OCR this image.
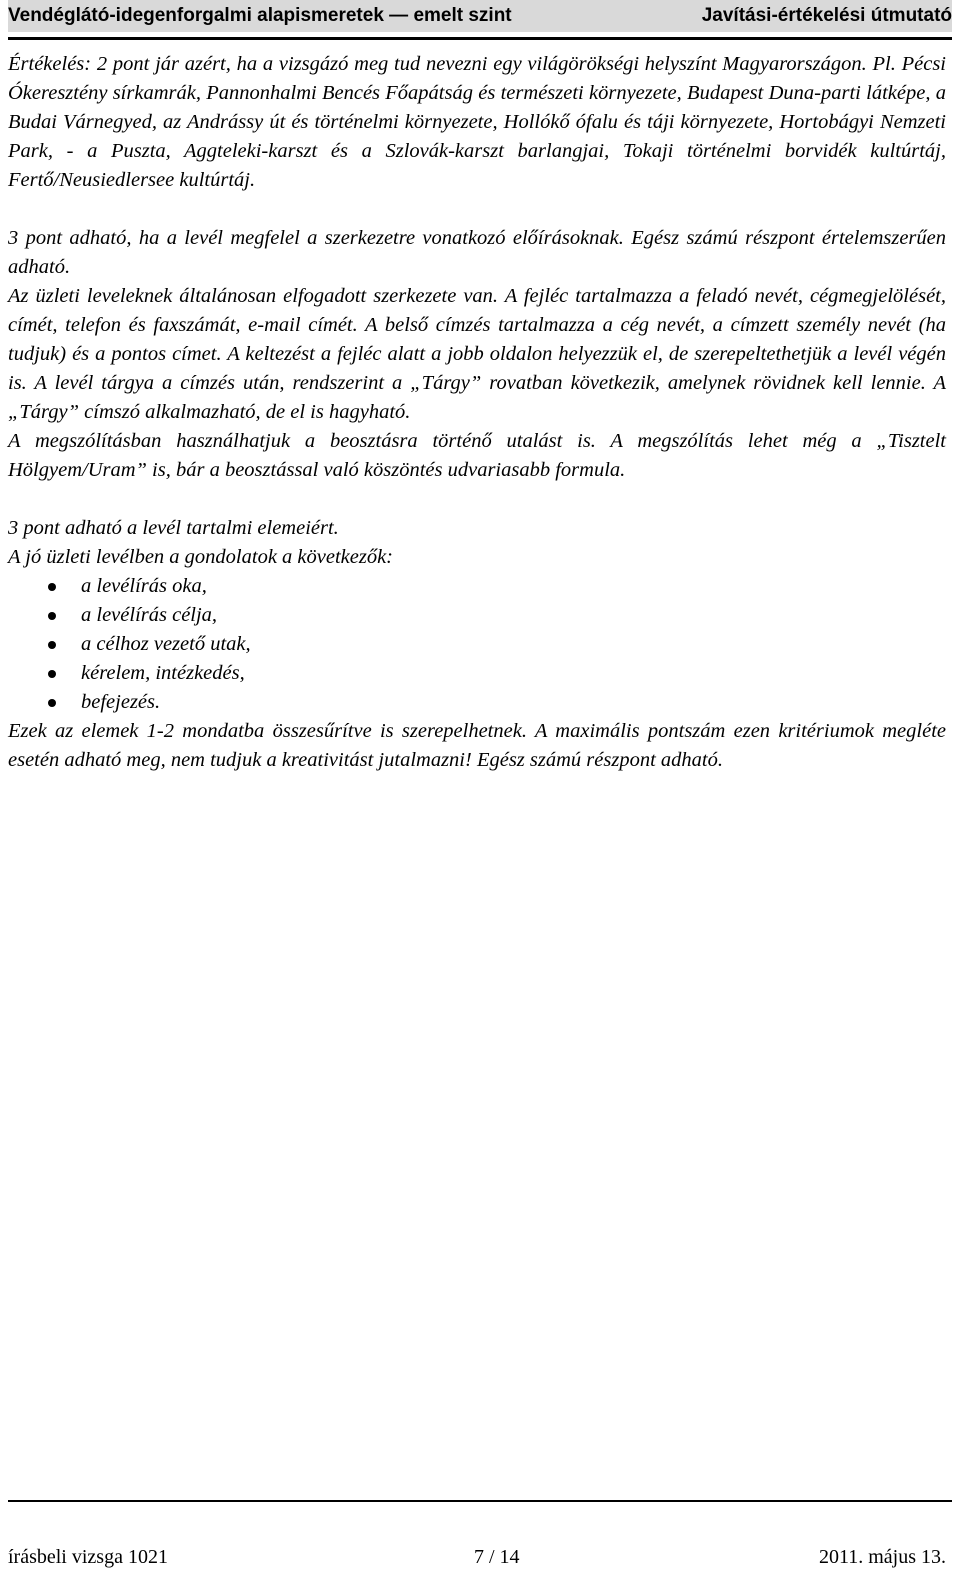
Vendéglátó-idegenforgalmi alapismeretek — emelt szint	Javítási-értékelési útmutató

Értékelés: 2 pont jár azért, ha a vizsgázó meg tud nevezni egy világörökségi helyszínt Magyarországon. Pl. Pécsi Ókeresztény sírkamrák, Pannonhalmi Bencés Főapátság és természeti környezete, Budapest Duna-parti látképe, a Budai Várnegyed, az Andrássy út és történelmi környezete, Hollókő ófalu és táji környezete, Hortobágyi Nemzeti Park, - a Puszta, Aggteleki-karszt és a Szlovák-karszt barlangjai, Tokaji történelmi borvidék kultúrtáj, Fertő/Neusiedlersee kultúrtáj.

3 pont adható, ha a levél megfelel a szerkezetre vonatkozó előírásoknak. Egész számú részpont értelemszerűen adható.

Az üzleti leveleknek általánosan elfogadott szerkezete van. A fejléc tartalmazza a feladó nevét, cégmegjelölését, címét, telefon és faxszámát, e-mail címét. A belső címzés tartalmazza a cég nevét, a címzett személy nevét (ha tudjuk) és a pontos címet. A keltezést a fejléc alatt a jobb oldalon helyezzük el, de szerepeltethetjük a levél végén is. A levél tárgya a címzés után, rendszerint a „Tárgy” rovatban következik, amelynek rövidnek kell lennie. A „Tárgy” címszó alkalmazható, de el is hagyható.

A megszólításban használhatjuk a beosztásra történő utalást is. A megszólítás lehet még a „Tisztelt Hölgyem/Uram” is, bár a beosztással való köszöntés udvariasabb formula.

3 pont adható a levél tartalmi elemeiért.

A jó üzleti levélben a gondolatok a következők:

a levélírás oka,
a levélírás célja,
a célhoz vezető utak,
kérelem, intézkedés,
befejezés.

Ezek az elemek 1-2 mondatba összesűrítve is szerepelhetnek. A maximális pontszám ezen kritériumok megléte esetén adható meg, nem tudjuk a kreativitást jutalmazni! Egész számú részpont adható.

írásbeli vizsga 1021	7 / 14	2011. május 13.
